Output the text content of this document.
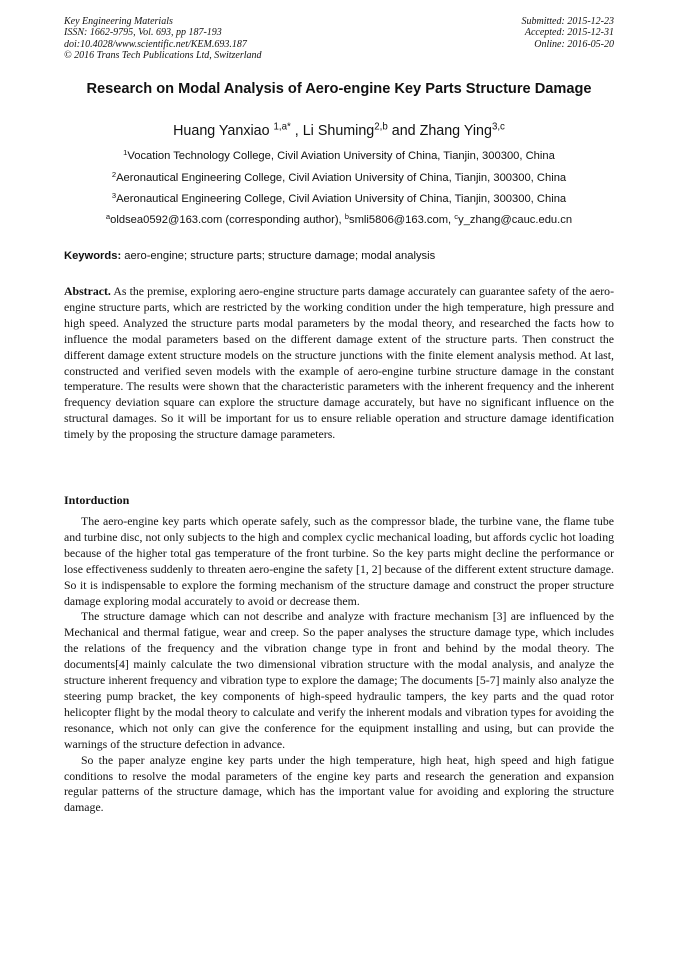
Key Engineering Materials
ISSN: 1662-9795, Vol. 693, pp 187-193
doi:10.4028/www.scientific.net/KEM.693.187
© 2016 Trans Tech Publications Ltd, Switzerland
Submitted: 2015-12-23
Accepted: 2015-12-31
Online: 2016-05-20
Research on Modal Analysis of Aero-engine Key Parts Structure Damage
Huang Yanxiao $^{1,a*}$ , Li Shuming$^{2,b}$ and Zhang Ying$^{3,c}$
$^1$Vocation Technology College, Civil Aviation University of China, Tianjin, 300300, China
$^2$Aeronautical Engineering College, Civil Aviation University of China, Tianjin, 300300, China
$^3$Aeronautical Engineering College, Civil Aviation University of China, Tianjin, 300300, China
$^a$oldsea0592@163.com (corresponding author), $^b$smli5806@163.com, $^c$y_zhang@cauc.edu.cn
Keywords: aero-engine; structure parts; structure damage; modal analysis

Abstract. As the premise, exploring aero-engine structure parts damage accurately can guarantee safety of the aero-engine structure parts, which are restricted by the working condition under the high temperature, high pressure and high speed. Analyzed the structure parts modal parameters by the modal theory, and researched the facts how to influence the modal parameters based on the different damage extent of the structure parts. Then construct the different damage extent structure models on the structure junctions with the finite element analysis method. At last, constructed and verified seven models with the example of aero-engine turbine structure damage in the constant temperature. The results were shown that the characteristic parameters with the inherent frequency and the inherent frequency deviation square can explore the structure damage accurately, but have no significant influence on the structural damages. So it will be important for us to ensure reliable operation and structure damage identification timely by the proposing the structure damage parameters.

Intorduction

The aero-engine key parts which operate safely, such as the compressor blade, the turbine vane, the flame tube and turbine disc, not only subjects to the high and complex cyclic mechanical loading, but affords cyclic hot loading because of the higher total gas temperature of the front turbine. So the key parts might decline the performance or lose effectiveness suddenly to threaten aero-engine the safety [1, 2] because of the different extent structure damage. So it is indispensable to explore the forming mechanism of the structure damage and construct the proper structure damage exploring modal accurately to avoid or decrease them.

The structure damage which can not describe and analyze with fracture mechanism [3] are influenced by the Mechanical and thermal fatigue, wear and creep. So the paper analyses the structure damage type, which includes the relations of the frequency and the vibration change type in front and behind by the modal theory. The documents[4] mainly calculate the two dimensional vibration structure with the modal analysis, and analyze the structure inherent frequency and vibration type to explore the damage; The documents [5-7] mainly also analyze the steering pump bracket, the key components of high-speed hydraulic tampers, the key parts and the quad rotor helicopter flight by the modal theory to calculate and verify the inherent modals and vibration types for avoiding the resonance, which not only can give the conference for the equipment installing and using, but can provide the warnings of the structure defection in advance.

So the paper analyze engine key parts under the high temperature, high heat, high speed and high fatigue conditions to resolve the modal parameters of the engine key parts and research the generation and expansion regular patterns of the structure damage, which has the important value for avoiding and exploring the structure damage.
